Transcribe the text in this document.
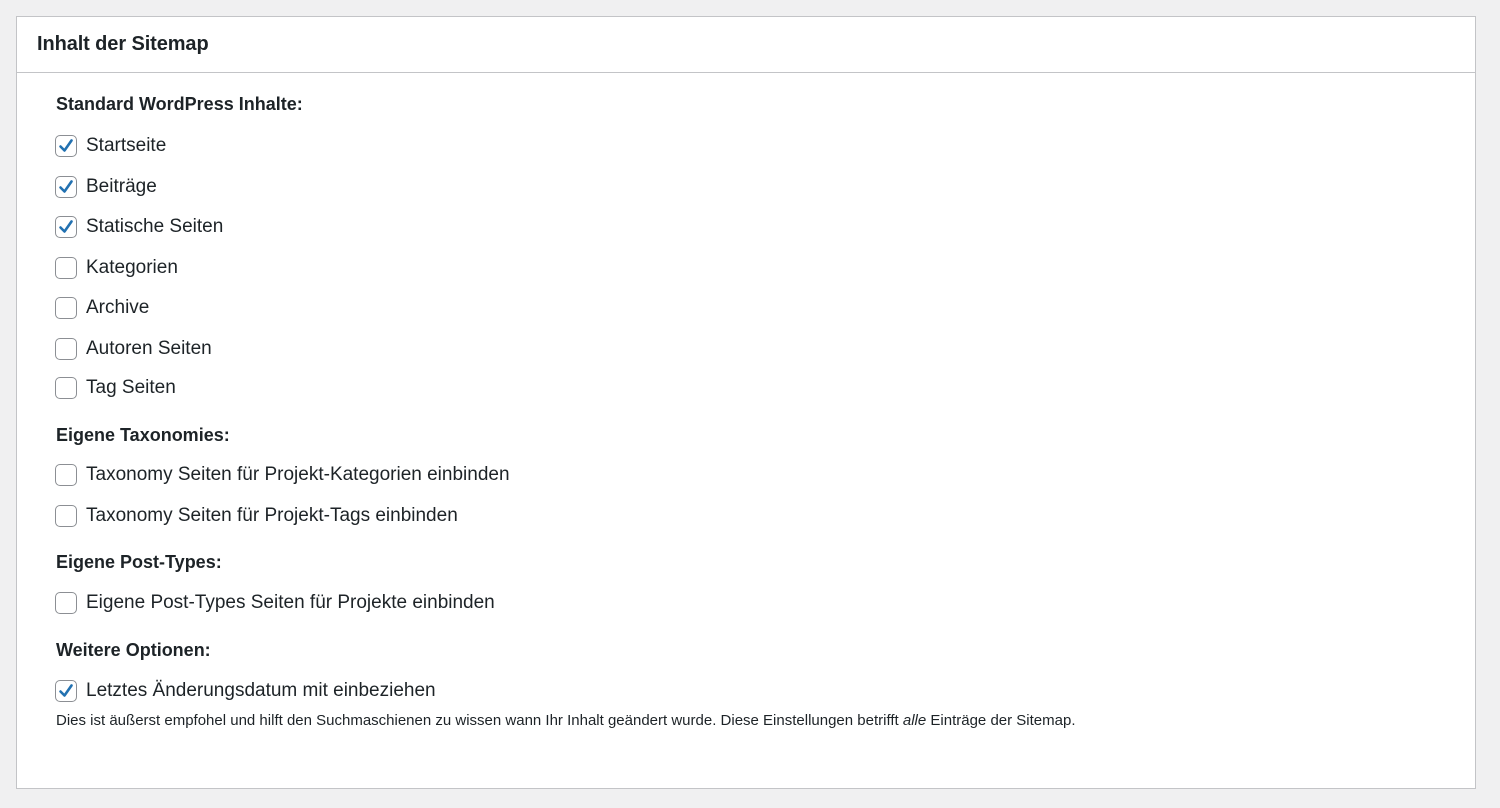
Inhalt der Sitemap
Standard WordPress Inhalte:
Startseite
Beiträge
Statische Seiten
Kategorien
Archive
Autoren Seiten
Tag Seiten
Eigene Taxonomies:
Taxonomy Seiten für Projekt-Kategorien einbinden
Taxonomy Seiten für Projekt-Tags einbinden
Eigene Post-Types:
Eigene Post-Types Seiten für Projekte einbinden
Weitere Optionen:
Letztes Änderungsdatum mit einbeziehen

Dies ist äußerst empfohel und hilft den Suchmaschienen zu wissen wann Ihr Inhalt geändert wurde. Diese Einstellungen betrifft alle Einträge der Sitemap.
